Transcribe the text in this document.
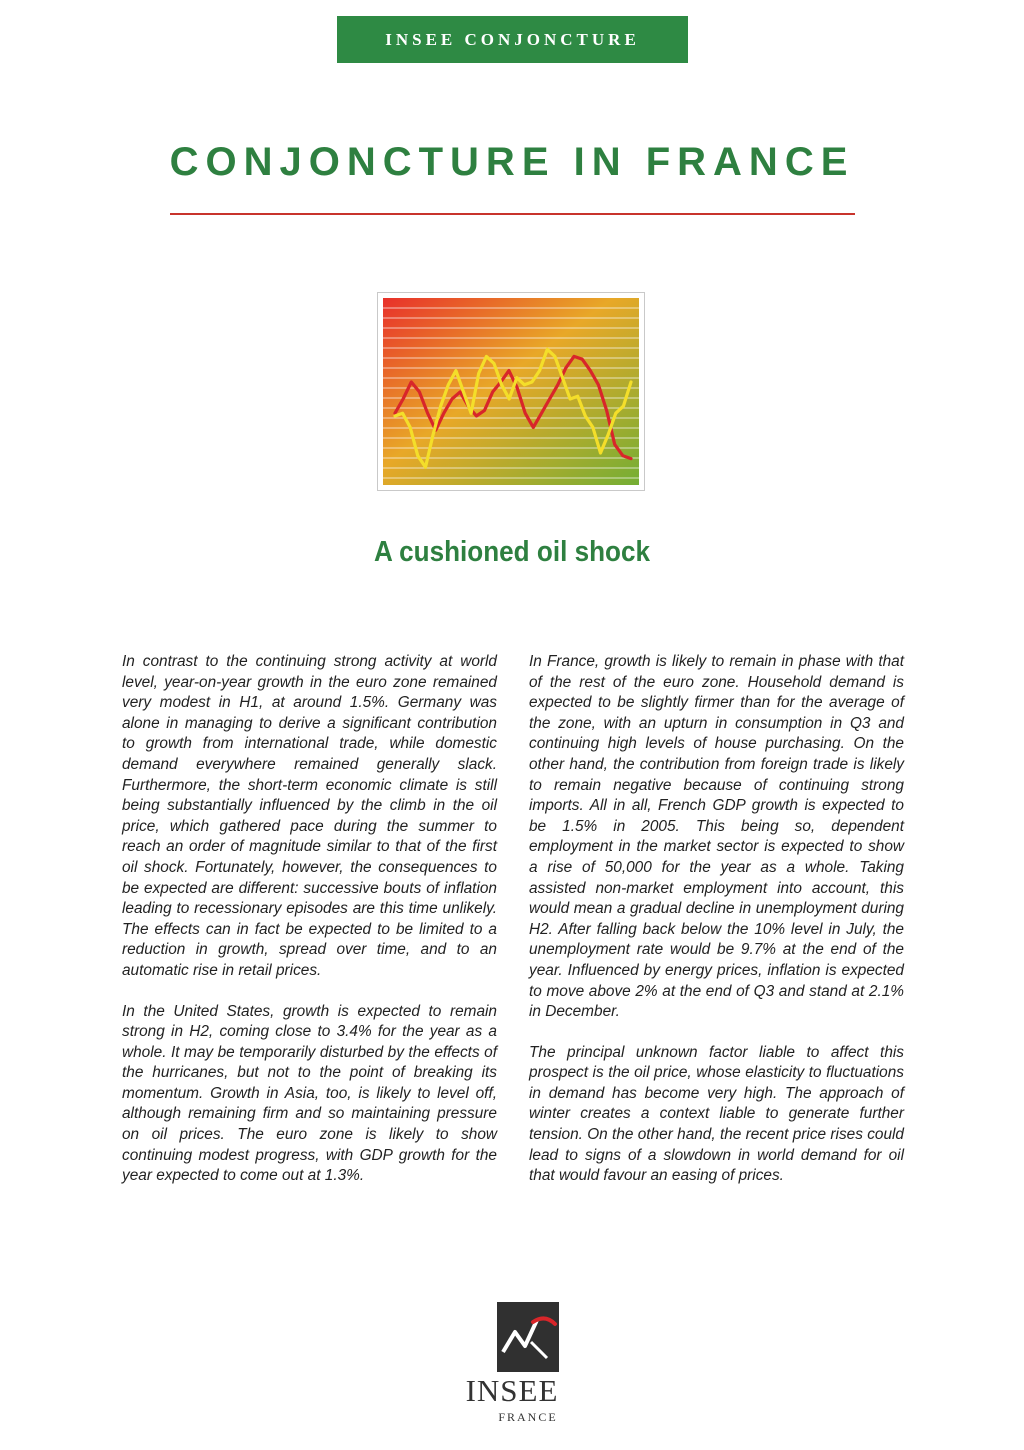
INSEE CONJONCTURE
CONJONCTURE IN FRANCE
A cushioned oil shock

In contrast to the continuing strong activity at world level, year-on-year growth in the euro zone remained very modest in H1, at around 1.5%. Germany was alone in managing to derive a significant contribution to growth from international trade, while domestic demand everywhere remained generally slack. Furthermore, the short-term economic climate is still being substantially influenced by the climb in the oil price, which gathered pace during the summer to reach an order of magnitude similar to that of the first oil shock. Fortunately, however, the consequences to be expected are different: successive bouts of inflation leading to recessionary episodes are this time unlikely. The effects can in fact be expected to be limited to a reduction in growth, spread over time, and to an automatic rise in retail prices.

In the United States, growth is expected to remain strong in H2, coming close to 3.4% for the year as a whole. It may be temporarily disturbed by the effects of the hurricanes, but not to the point of breaking its momentum. Growth in Asia, too, is likely to level off, although remaining firm and so maintaining pressure on oil prices. The euro zone is likely to show continuing modest progress, with GDP growth for the year expected to come out at 1.3%.

In France, growth is likely to remain in phase with that of the rest of the euro zone. Household demand is expected to be slightly firmer than for the average of the zone, with an upturn in consumption in Q3 and continuing high levels of house purchasing. On the other hand, the contribution from foreign trade is likely to remain negative because of continuing strong imports. All in all, French GDP growth is expected to be 1.5% in 2005. This being so, dependent employment in the market sector is expected to show a rise of 50,000 for the year as a whole. Taking assisted non-market employment into account, this would mean a gradual decline in unemployment during H2. After falling back below the 10% level in July, the unemployment rate would be 9.7% at the end of the year. Influenced by energy prices, inflation is expected to move above 2% at the end of Q3 and stand at 2.1% in December.

The principal unknown factor liable to affect this prospect is the oil price, whose elasticity to fluctuations in demand has become very high. The approach of winter creates a context liable to generate further tension. On the other hand, the recent price rises could lead to signs of a slowdown in world demand for oil that would favour an easing of prices.

INSEE
FRANCE
